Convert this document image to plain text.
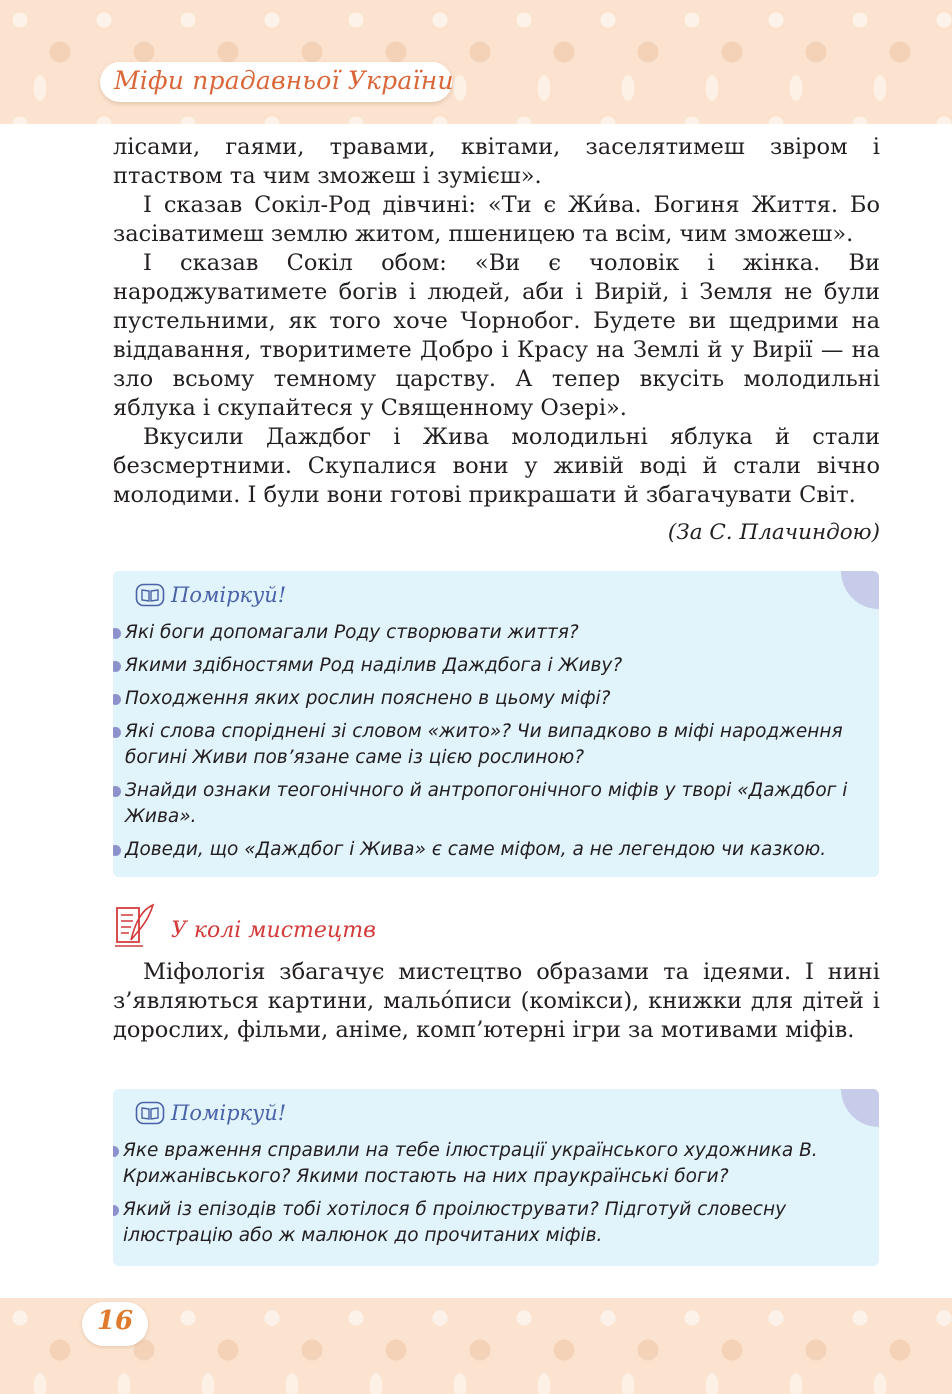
Міфи прадавньої України

лісами, гаями, травами, квітами, заселятимеш звіром і птаством та чим зможеш і зумієш».

І сказав Сокіл-Род дівчині: «Ти є Жи́ва. Богиня Життя. Бо засіватимеш землю житом, пшеницею та всім, чим зможеш».

І сказав Сокіл обом: «Ви є чоловік і жінка. Ви народжуватимете богів і людей, аби і Вирій, і Земля не були пустельними, як того хоче Чорнобог. Будете ви щедрими на віддавання, творитимете Добро і Красу на Землі й у Вирії — на зло всьому темному царству. А тепер вкусіть молодильні яблука і скупайтеся у Священному Озері».

Вкусили Даждбог і Жива молодильні яблука й стали безсмертними. Скупалися вони у живій воді й стали вічно молодими. І були вони готові прикрашати й збагачувати Світ.

(За С. Плачиндою)
Поміркуй!
Які боги допомагали Роду створювати життя?
Якими здібностями Род наділив Даждбога і Живу?
Походження яких рослин пояснено в цьому міфі?
Які слова споріднені зі словом «жито»? Чи випадково в міфі народження богині Живи пов’язане саме із цією рослиною?
Знайди ознаки теогонічного й антропогонічного міфів у творі «Даждбог і Жива».
Доведи, що «Даждбог і Жива» є саме міфом, а не легендою чи казкою.
У колі мистецтв

Міфологія збагачує мистецтво образами та ідеями. І нині з’являються картини, мальо́писи (комікси), книжки для дітей і дорослих, фільми, аніме, комп’ютерні ігри за мотивами міфів.

Поміркуй!
Яке враження справили на тебе ілюстрації українського художника В. Крижанівського? Якими постають на них праукраїнські боги?
Який із епізодів тобі хотілося б проілюструвати? Підготуй словесну ілюстрацію або ж малюнок до прочитаних міфів.
16
